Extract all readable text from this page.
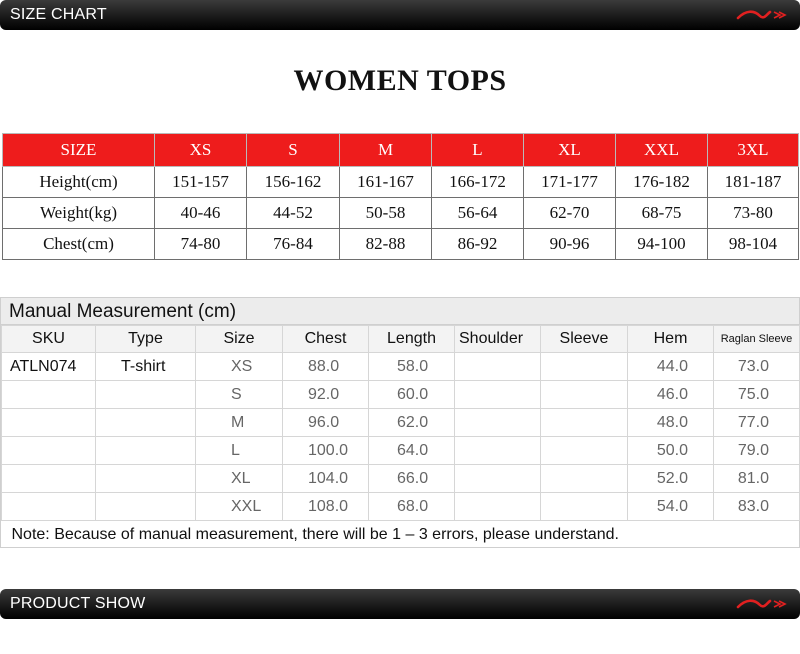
SIZE CHART
WOMEN TOPS
SIZE	XS	S	M	L	XL	XXL	3XL
Height(cm)	151-157	156-162	161-167	166-172	171-177	176-182	181-187
Weight(kg)	40-46	44-52	50-58	56-64	62-70	68-75	73-80
Chest(cm)	74-80	76-84	82-88	86-92	90-96	94-100	98-104
Manual Measurement (cm)
SKU	Type	Size	Chest	Length	Shoulder	Sleeve	Hem	Raglan Sleeve
ATLN074	T-shirt	XS	88.0	58.0			44.0	73.0
		S	92.0	60.0			46.0	75.0
		M	96.0	62.0			48.0	77.0
		L	100.0	64.0			50.0	79.0
		XL	104.0	66.0			52.0	81.0
		XXL	108.0	68.0			54.0	83.0
Note: Because of manual measurement, there will be 1 – 3 errors, please understand.								
PRODUCT SHOW
